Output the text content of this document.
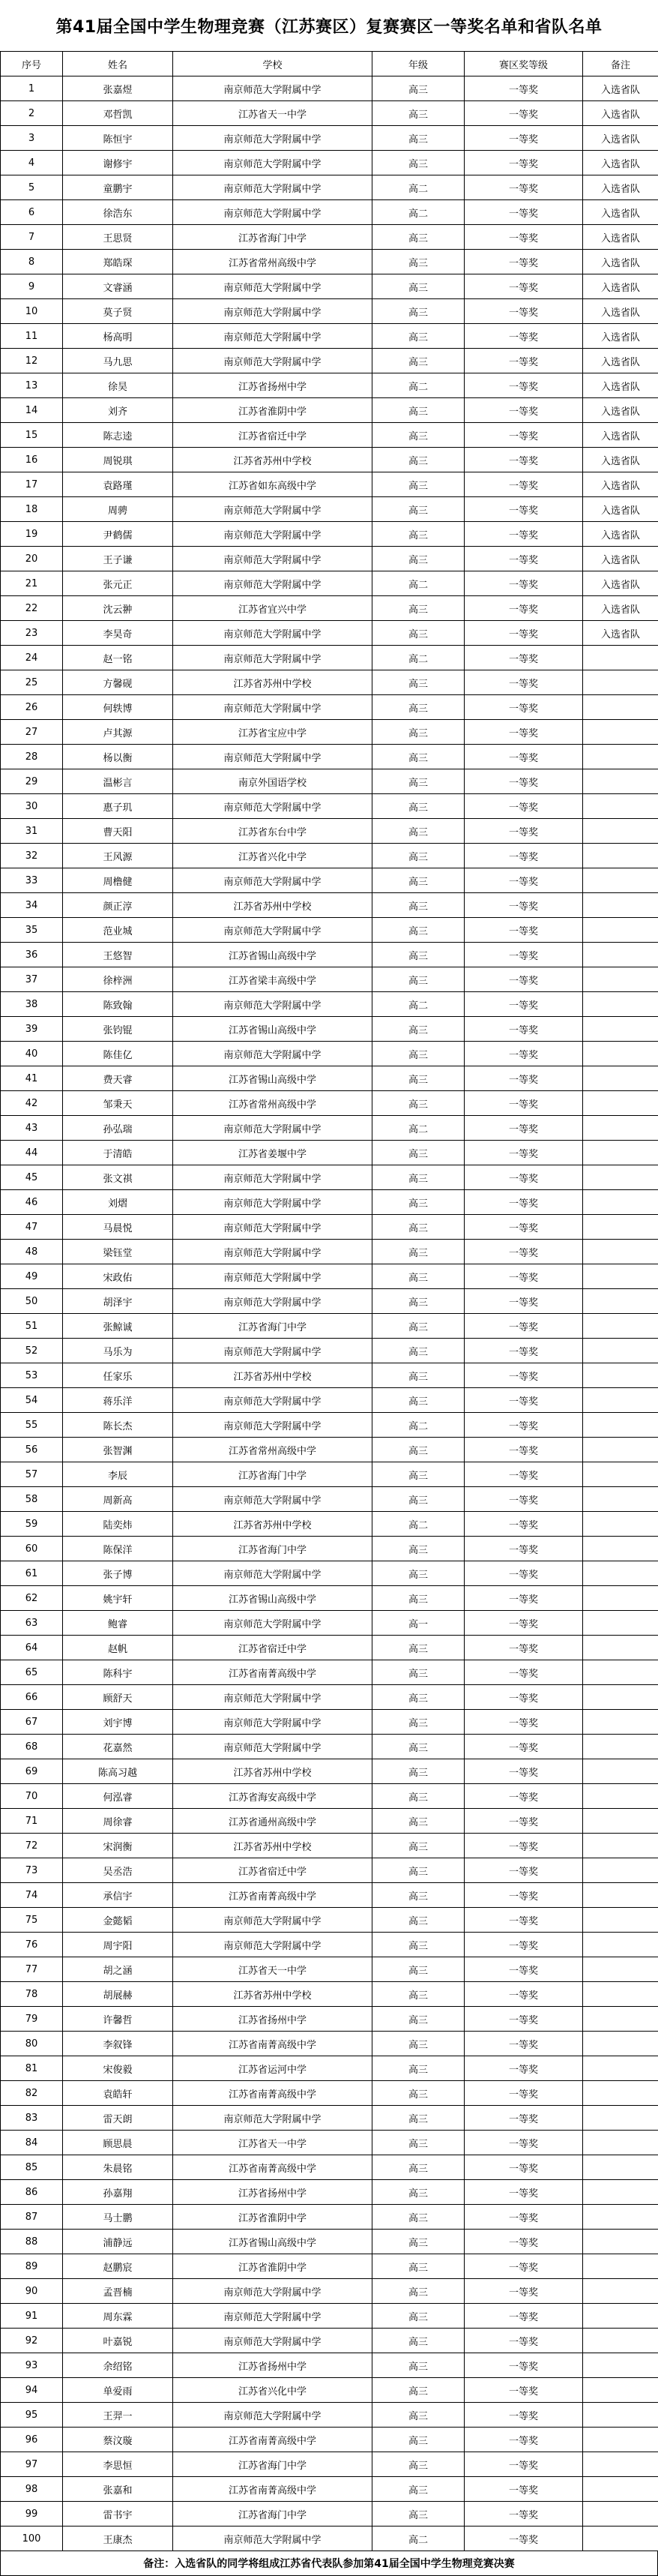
第41届全国中学生物理竞赛（江苏赛区）复赛赛区一等奖名单和省队名单
序号	姓名	学校	年级	赛区奖等级	备注
1	张嘉煜	南京师范大学附属中学	高三	一等奖	入选省队
2	邓哲凯	江苏省天一中学	高三	一等奖	入选省队
3	陈恒宇	南京师范大学附属中学	高三	一等奖	入选省队
4	谢修宇	南京师范大学附属中学	高三	一等奖	入选省队
5	童鹏宇	南京师范大学附属中学	高二	一等奖	入选省队
6	徐浩东	南京师范大学附属中学	高二	一等奖	入选省队
7	王思贤	江苏省海门中学	高三	一等奖	入选省队
8	郑皓琛	江苏省常州高级中学	高三	一等奖	入选省队
9	文睿涵	南京师范大学附属中学	高三	一等奖	入选省队
10	莫子贤	南京师范大学附属中学	高三	一等奖	入选省队
11	杨高明	南京师范大学附属中学	高三	一等奖	入选省队
12	马九思	南京师范大学附属中学	高三	一等奖	入选省队
13	徐昊	江苏省扬州中学	高二	一等奖	入选省队
14	刘齐	江苏省淮阴中学	高三	一等奖	入选省队
15	陈志逵	江苏省宿迁中学	高三	一等奖	入选省队
16	周锐琪	江苏省苏州中学校	高三	一等奖	入选省队
17	袁路瑾	江苏省如东高级中学	高三	一等奖	入选省队
18	周骋	南京师范大学附属中学	高三	一等奖	入选省队
19	尹鹤儒	南京师范大学附属中学	高三	一等奖	入选省队
20	王子谦	南京师范大学附属中学	高三	一等奖	入选省队
21	张元正	南京师范大学附属中学	高二	一等奖	入选省队
22	沈云翀	江苏省宜兴中学	高三	一等奖	入选省队
23	李昊奇	南京师范大学附属中学	高三	一等奖	入选省队
24	赵一铭	南京师范大学附属中学	高二	一等奖	
25	方馨砚	江苏省苏州中学校	高三	一等奖	
26	何轶博	南京师范大学附属中学	高三	一等奖	
27	卢其源	江苏省宝应中学	高三	一等奖	
28	杨以衡	南京师范大学附属中学	高三	一等奖	
29	温彬言	南京外国语学校	高三	一等奖	
30	惠子玑	南京师范大学附属中学	高三	一等奖	
31	曹天阳	江苏省东台中学	高三	一等奖	
32	王风源	江苏省兴化中学	高三	一等奖	
33	周橹健	南京师范大学附属中学	高三	一等奖	
34	颜正淳	江苏省苏州中学校	高三	一等奖	
35	范业城	南京师范大学附属中学	高三	一等奖	
36	王悠智	江苏省锡山高级中学	高三	一等奖	
37	徐梓洲	江苏省梁丰高级中学	高三	一等奖	
38	陈致翰	南京师范大学附属中学	高二	一等奖	
39	张钧锟	江苏省锡山高级中学	高三	一等奖	
40	陈佳亿	南京师范大学附属中学	高三	一等奖	
41	费天睿	江苏省锡山高级中学	高三	一等奖	
42	邹秉天	江苏省常州高级中学	高三	一等奖	
43	孙弘瑞	南京师范大学附属中学	高二	一等奖	
44	于清皓	江苏省姜堰中学	高三	一等奖	
45	张文祺	南京师范大学附属中学	高三	一等奖	
46	刘熠	南京师范大学附属中学	高三	一等奖	
47	马晨悦	南京师范大学附属中学	高三	一等奖	
48	梁钰堂	南京师范大学附属中学	高三	一等奖	
49	宋政佑	南京师范大学附属中学	高三	一等奖	
50	胡泽宇	南京师范大学附属中学	高三	一等奖	
51	张鲸诚	江苏省海门中学	高三	一等奖	
52	马乐为	南京师范大学附属中学	高三	一等奖	
53	任家乐	江苏省苏州中学校	高三	一等奖	
54	蒋乐洋	南京师范大学附属中学	高三	一等奖	
55	陈长杰	南京师范大学附属中学	高二	一等奖	
56	张智渊	江苏省常州高级中学	高三	一等奖	
57	李辰	江苏省海门中学	高三	一等奖	
58	周新高	南京师范大学附属中学	高三	一等奖	
59	陆奕炜	江苏省苏州中学校	高二	一等奖	
60	陈保洋	江苏省海门中学	高三	一等奖	
61	张子博	南京师范大学附属中学	高三	一等奖	
62	姚宇轩	江苏省锡山高级中学	高三	一等奖	
63	鲍睿	南京师范大学附属中学	高一	一等奖	
64	赵帆	江苏省宿迁中学	高三	一等奖	
65	陈科宇	江苏省南菁高级中学	高三	一等奖	
66	顾舒天	南京师范大学附属中学	高三	一等奖	
67	刘宇博	南京师范大学附属中学	高三	一等奖	
68	花嘉然	南京师范大学附属中学	高三	一等奖	
69	陈高习越	江苏省苏州中学校	高三	一等奖	
70	何泓睿	江苏省海安高级中学	高三	一等奖	
71	周徐睿	江苏省通州高级中学	高三	一等奖	
72	宋润衡	江苏省苏州中学校	高三	一等奖	
73	吴丞浩	江苏省宿迁中学	高三	一等奖	
74	承信宇	江苏省南菁高级中学	高三	一等奖	
75	金懿韬	南京师范大学附属中学	高三	一等奖	
76	周宇阳	南京师范大学附属中学	高三	一等奖	
77	胡之涵	江苏省天一中学	高三	一等奖	
78	胡展赫	江苏省苏州中学校	高三	一等奖	
79	许馨哲	江苏省扬州中学	高三	一等奖	
80	李叙锋	江苏省南菁高级中学	高三	一等奖	
81	宋俊毅	江苏省运河中学	高三	一等奖	
82	袁皓轩	江苏省南菁高级中学	高三	一等奖	
83	雷天朗	南京师范大学附属中学	高三	一等奖	
84	顾思晨	江苏省天一中学	高三	一等奖	
85	朱晨铭	江苏省南菁高级中学	高三	一等奖	
86	孙嘉翔	江苏省扬州中学	高三	一等奖	
87	马士鹏	江苏省淮阴中学	高三	一等奖	
88	浦静远	江苏省锡山高级中学	高三	一等奖	
89	赵鹏宸	江苏省淮阴中学	高三	一等奖	
90	孟晋楠	南京师范大学附属中学	高三	一等奖	
91	周东霖	南京师范大学附属中学	高三	一等奖	
92	叶嘉锐	南京师范大学附属中学	高三	一等奖	
93	余绍铭	江苏省扬州中学	高三	一等奖	
94	单爱雨	江苏省兴化中学	高三	一等奖	
95	王羿一	南京师范大学附属中学	高三	一等奖	
96	蔡汶璇	江苏省南菁高级中学	高三	一等奖	
97	李思恒	江苏省海门中学	高三	一等奖	
98	张嘉和	江苏省南菁高级中学	高三	一等奖	
99	雷书宇	江苏省海门中学	高三	一等奖	
100	王康杰	南京师范大学附属中学	高二	一等奖	
备注：入选省队的同学将组成江苏省代表队参加第41届全国中学生物理竞赛决赛
